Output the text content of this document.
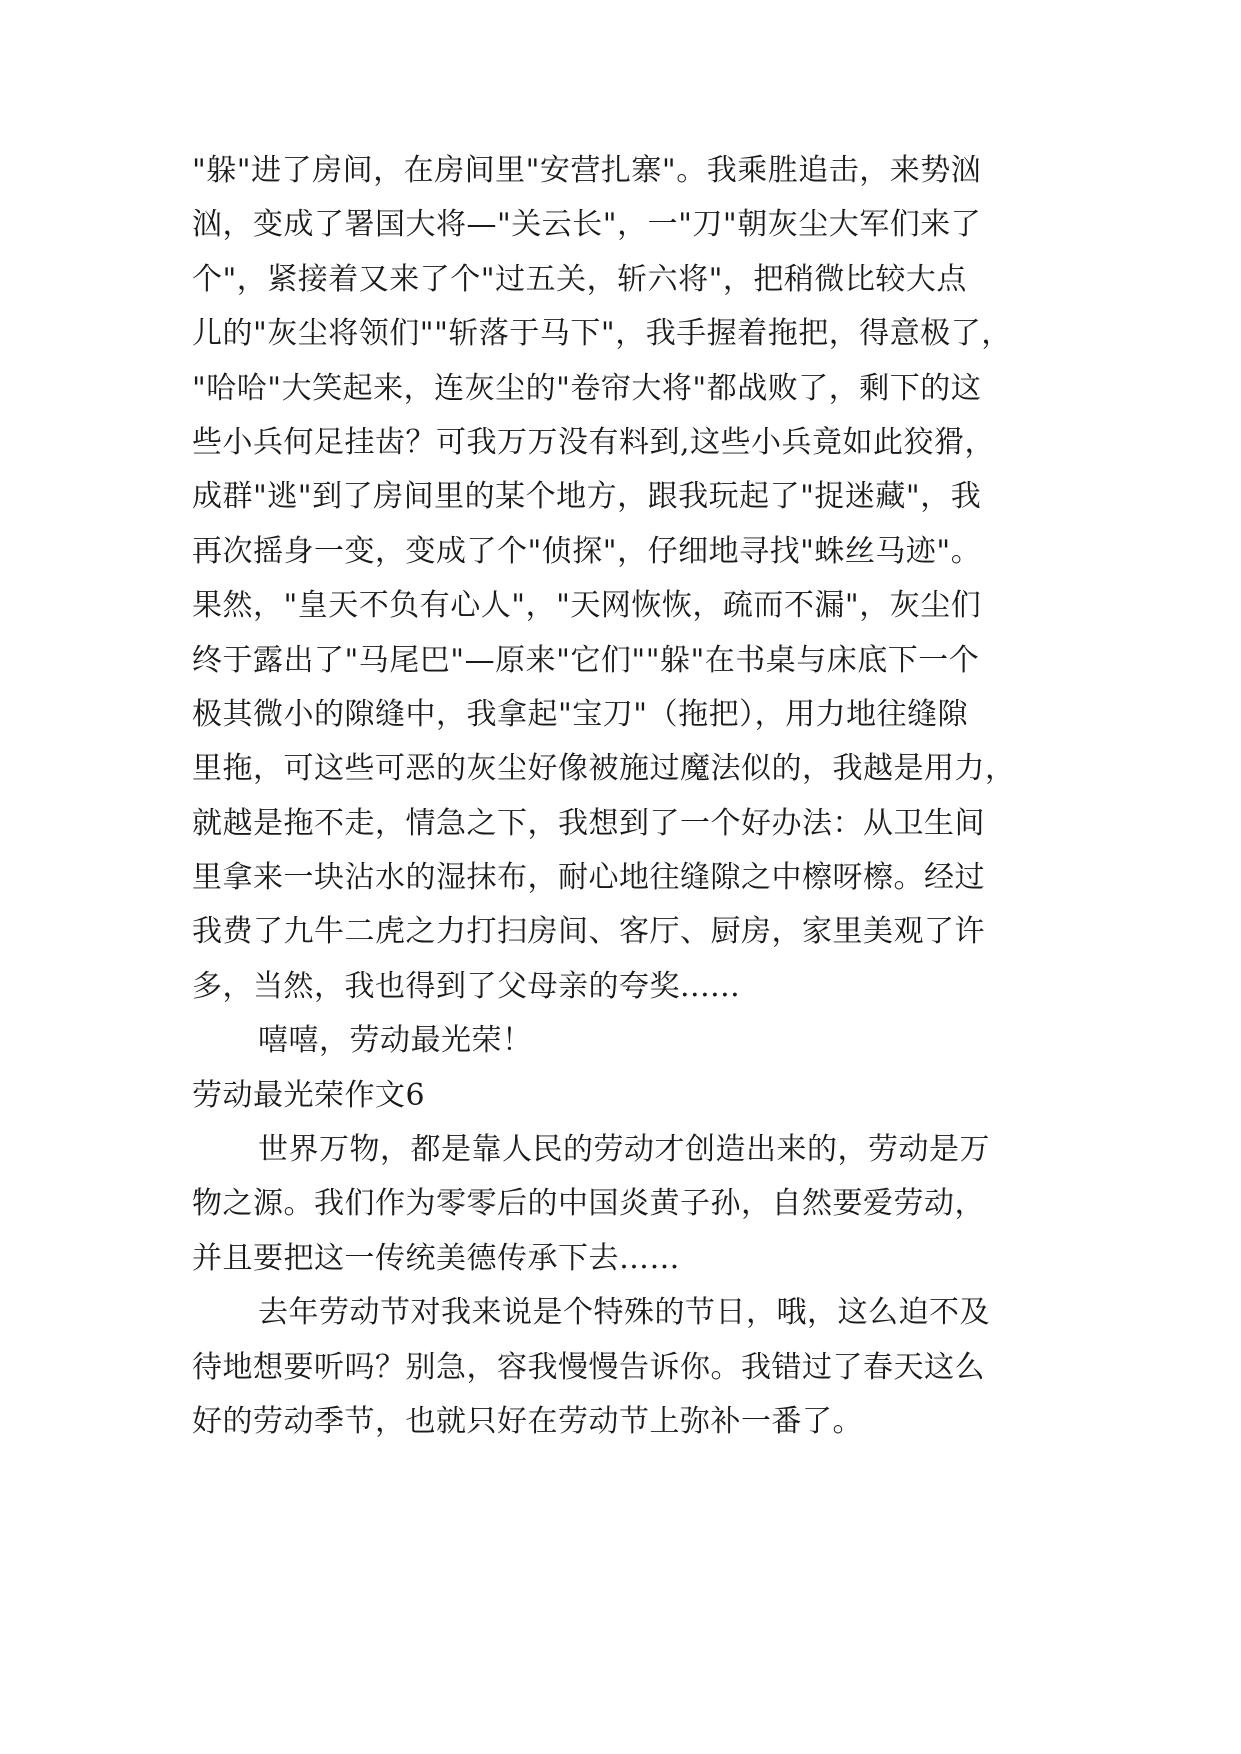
"躲"进了房间，在房间里"安营扎寨"。我乘胜追击，来势汹
汹，变成了署国大将—"关云长"，一"刀"朝灰尘大军们来了
个"，紧接着又来了个"过五关，斩六将"，把稍微比较大点
儿的"灰尘将领们""斩落于马下"，我手握着拖把，得意极了，
"哈哈"大笑起来，连灰尘的"卷帘大将"都战败了，剩下的这
些小兵何足挂齿？可我万万没有料到,这些小兵竟如此狡猾，
成群"逃"到了房间里的某个地方，跟我玩起了"捉迷藏"，我
再次摇身一变，变成了个"侦探"，仔细地寻找"蛛丝马迹"。
果然，"皇天不负有心人"，"天网恢恢，疏而不漏"，灰尘们
终于露出了"马尾巴"—原来"它们""躲"在书桌与床底下一个
极其微小的隙缝中，我拿起"宝刀"（拖把），用力地往缝隙
里拖，可这些可恶的灰尘好像被施过魔法似的，我越是用力，
就越是拖不走，情急之下，我想到了一个好办法：从卫生间
里拿来一块沾水的湿抹布，耐心地往缝隙之中檫呀檫。经过
我费了九牛二虎之力打扫房间、客厅、厨房，家里美观了许
多，当然，我也得到了父母亲的夸奖......
嘻嘻，劳动最光荣！
劳动最光荣作文6
世界万物，都是靠人民的劳动才创造出来的，劳动是万
物之源。我们作为零零后的中国炎黄子孙，自然要爱劳动，
并且要把这一传统美德传承下去……
去年劳动节对我来说是个特殊的节日，哦，这么迫不及
待地想要听吗？别急，容我慢慢告诉你。我错过了春天这么
好的劳动季节，也就只好在劳动节上弥补一番了。
